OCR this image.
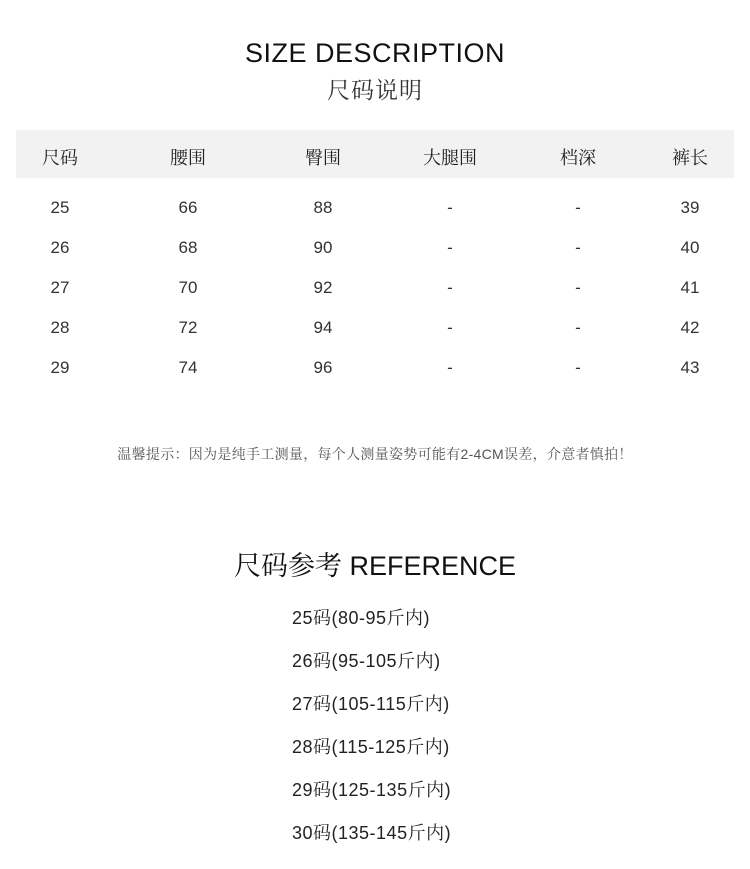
SIZE DESCRIPTION
尺码说明
尺码	腰围	臀围	大腿围	档深	裤长
25	66	88	-	-	39
26	68	90	-	-	40
27	70	92	-	-	41
28	72	94	-	-	42
29	74	96	-	-	43
温馨提示：因为是纯手工测量，每个人测量姿势可能有2-4CM误差，介意者慎拍！
尺码参考 REFERENCE
25码(80-95斤内)
26码(95-105斤内)
27码(105-115斤内)
28码(115-125斤内)
29码(125-135斤内)
30码(135-145斤内)
